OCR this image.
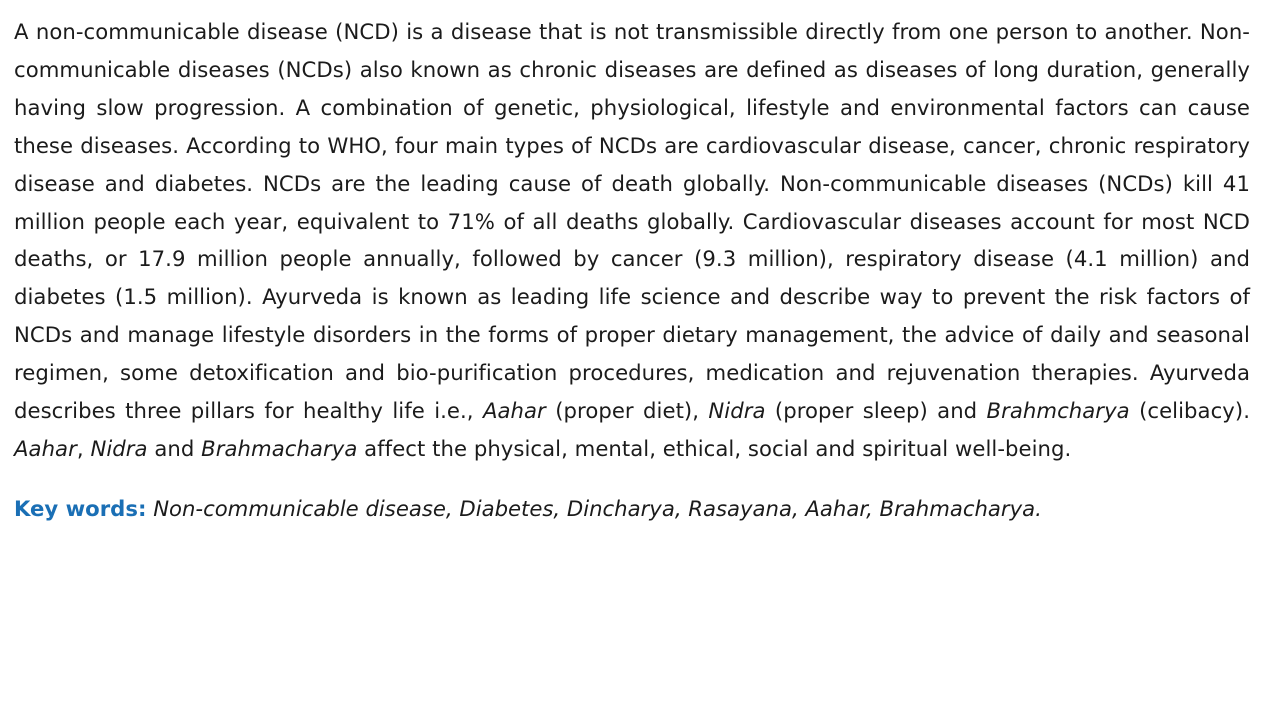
A non-communicable disease (NCD) is a disease that is not transmissible directly from one person to another. Non-communicable diseases (NCDs) also known as chronic diseases are defined as diseases of long duration, generally having slow progression. A combination of genetic, physiological, lifestyle and environmental factors can cause these diseases. According to WHO, four main types of NCDs are cardiovascular disease, cancer, chronic respiratory disease and diabetes. NCDs are the leading cause of death globally. Non-communicable diseases (NCDs) kill 41 million people each year, equivalent to 71% of all deaths globally. Cardiovascular diseases account for most NCD deaths, or 17.9 million people annually, followed by cancer (9.3 million), respiratory disease (4.1 million) and diabetes (1.5 million). Ayurveda is known as leading life science and describe way to prevent the risk factors of NCDs and manage lifestyle disorders in the forms of proper dietary management, the advice of daily and seasonal regimen, some detoxification and bio-purification procedures, medication and rejuvenation therapies. Ayurveda describes three pillars for healthy life i.e., Aahar (proper diet), Nidra (proper sleep) and Brahmcharya (celibacy). Aahar, Nidra and Brahmacharya affect the physical, mental, ethical, social and spiritual well-being.

Key words: Non-communicable disease, Diabetes, Dincharya, Rasayana, Aahar, Brahmacharya.
